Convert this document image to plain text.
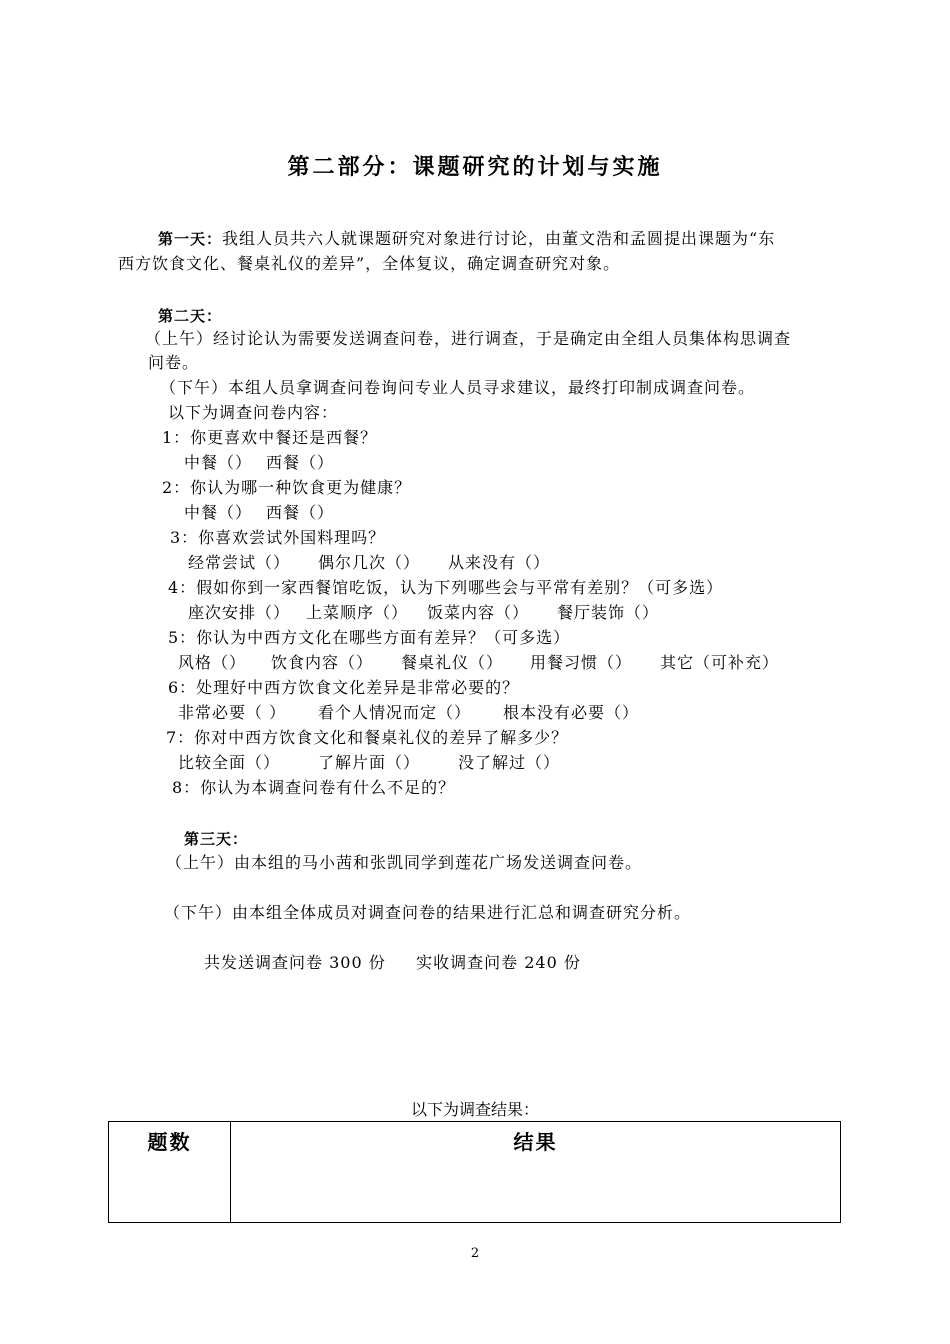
第二部分：课题研究的计划与实施
第一天：我组人员共六人就课题研究对象进行讨论，由董文浩和孟圆提出课题为“东
西方饮食文化、餐桌礼仪的差异”，全体复议，确定调查研究对象。
第二天：
（上午）经讨论认为需要发送调查问卷，进行调查，于是确定由全组人员集体构思调查
问卷。
（下午）本组人员拿调查问卷询问专业人员寻求建议，最终打印制成调查问卷。
以下为调查问卷内容：
1：你更喜欢中餐还是西餐？
中餐（） 西餐（）
2：你认为哪一种饮食更为健康？
中餐（） 西餐（）
3：你喜欢尝试外国料理吗？
经常尝试（） 偶尔几次（） 从来没有（）
4：假如你到一家西餐馆吃饭，认为下列哪些会与平常有差别？（可多选）
座次安排（） 上菜顺序（） 饭菜内容（） 餐厅装饰（）
5：你认为中西方文化在哪些方面有差异？（可多选）
风格（） 饮食内容（） 餐桌礼仪（） 用餐习惯（） 其它（可补充）
6：处理好中西方饮食文化差异是非常必要的？
非常必要（ ） 看个人情况而定（） 根本没有必要（）
7：你对中西方饮食文化和餐桌礼仪的差异了解多少？
比较全面（） 了解片面（） 没了解过（）
8：你认为本调查问卷有什么不足的？
第三天：
（上午）由本组的马小茜和张凯同学到莲花广场发送调查问卷。
（下午）由本组全体成员对调查问卷的结果进行汇总和调查研究分析。
共发送调查问卷 300 份     实收调查问卷 240 份
以下为调查结果：
题数	结果
2
